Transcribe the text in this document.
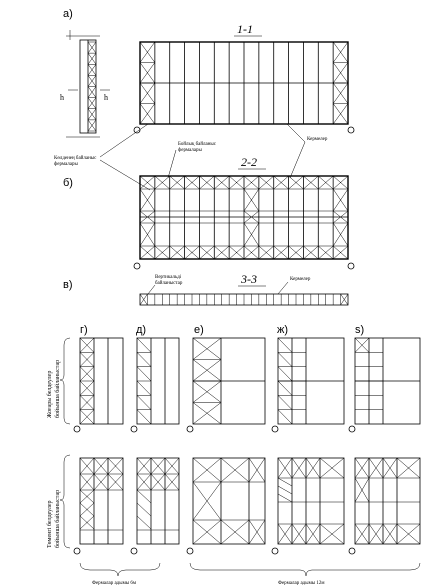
а)
1-1
h	h
Көлденең байланыс
фермалары
Бойлық байланыс
фермалары
Кермелер
б)
2-2
в)	3-3
Вертикальді
байланыстар
Кермелер
г)	д)	е)	ж)	s)
Жоғары белдеулер бойынша байланыстар
Төменгі белдеулер бойынша байланыстар
Фермалар адымы 6м	Фермалар адымы 12м
